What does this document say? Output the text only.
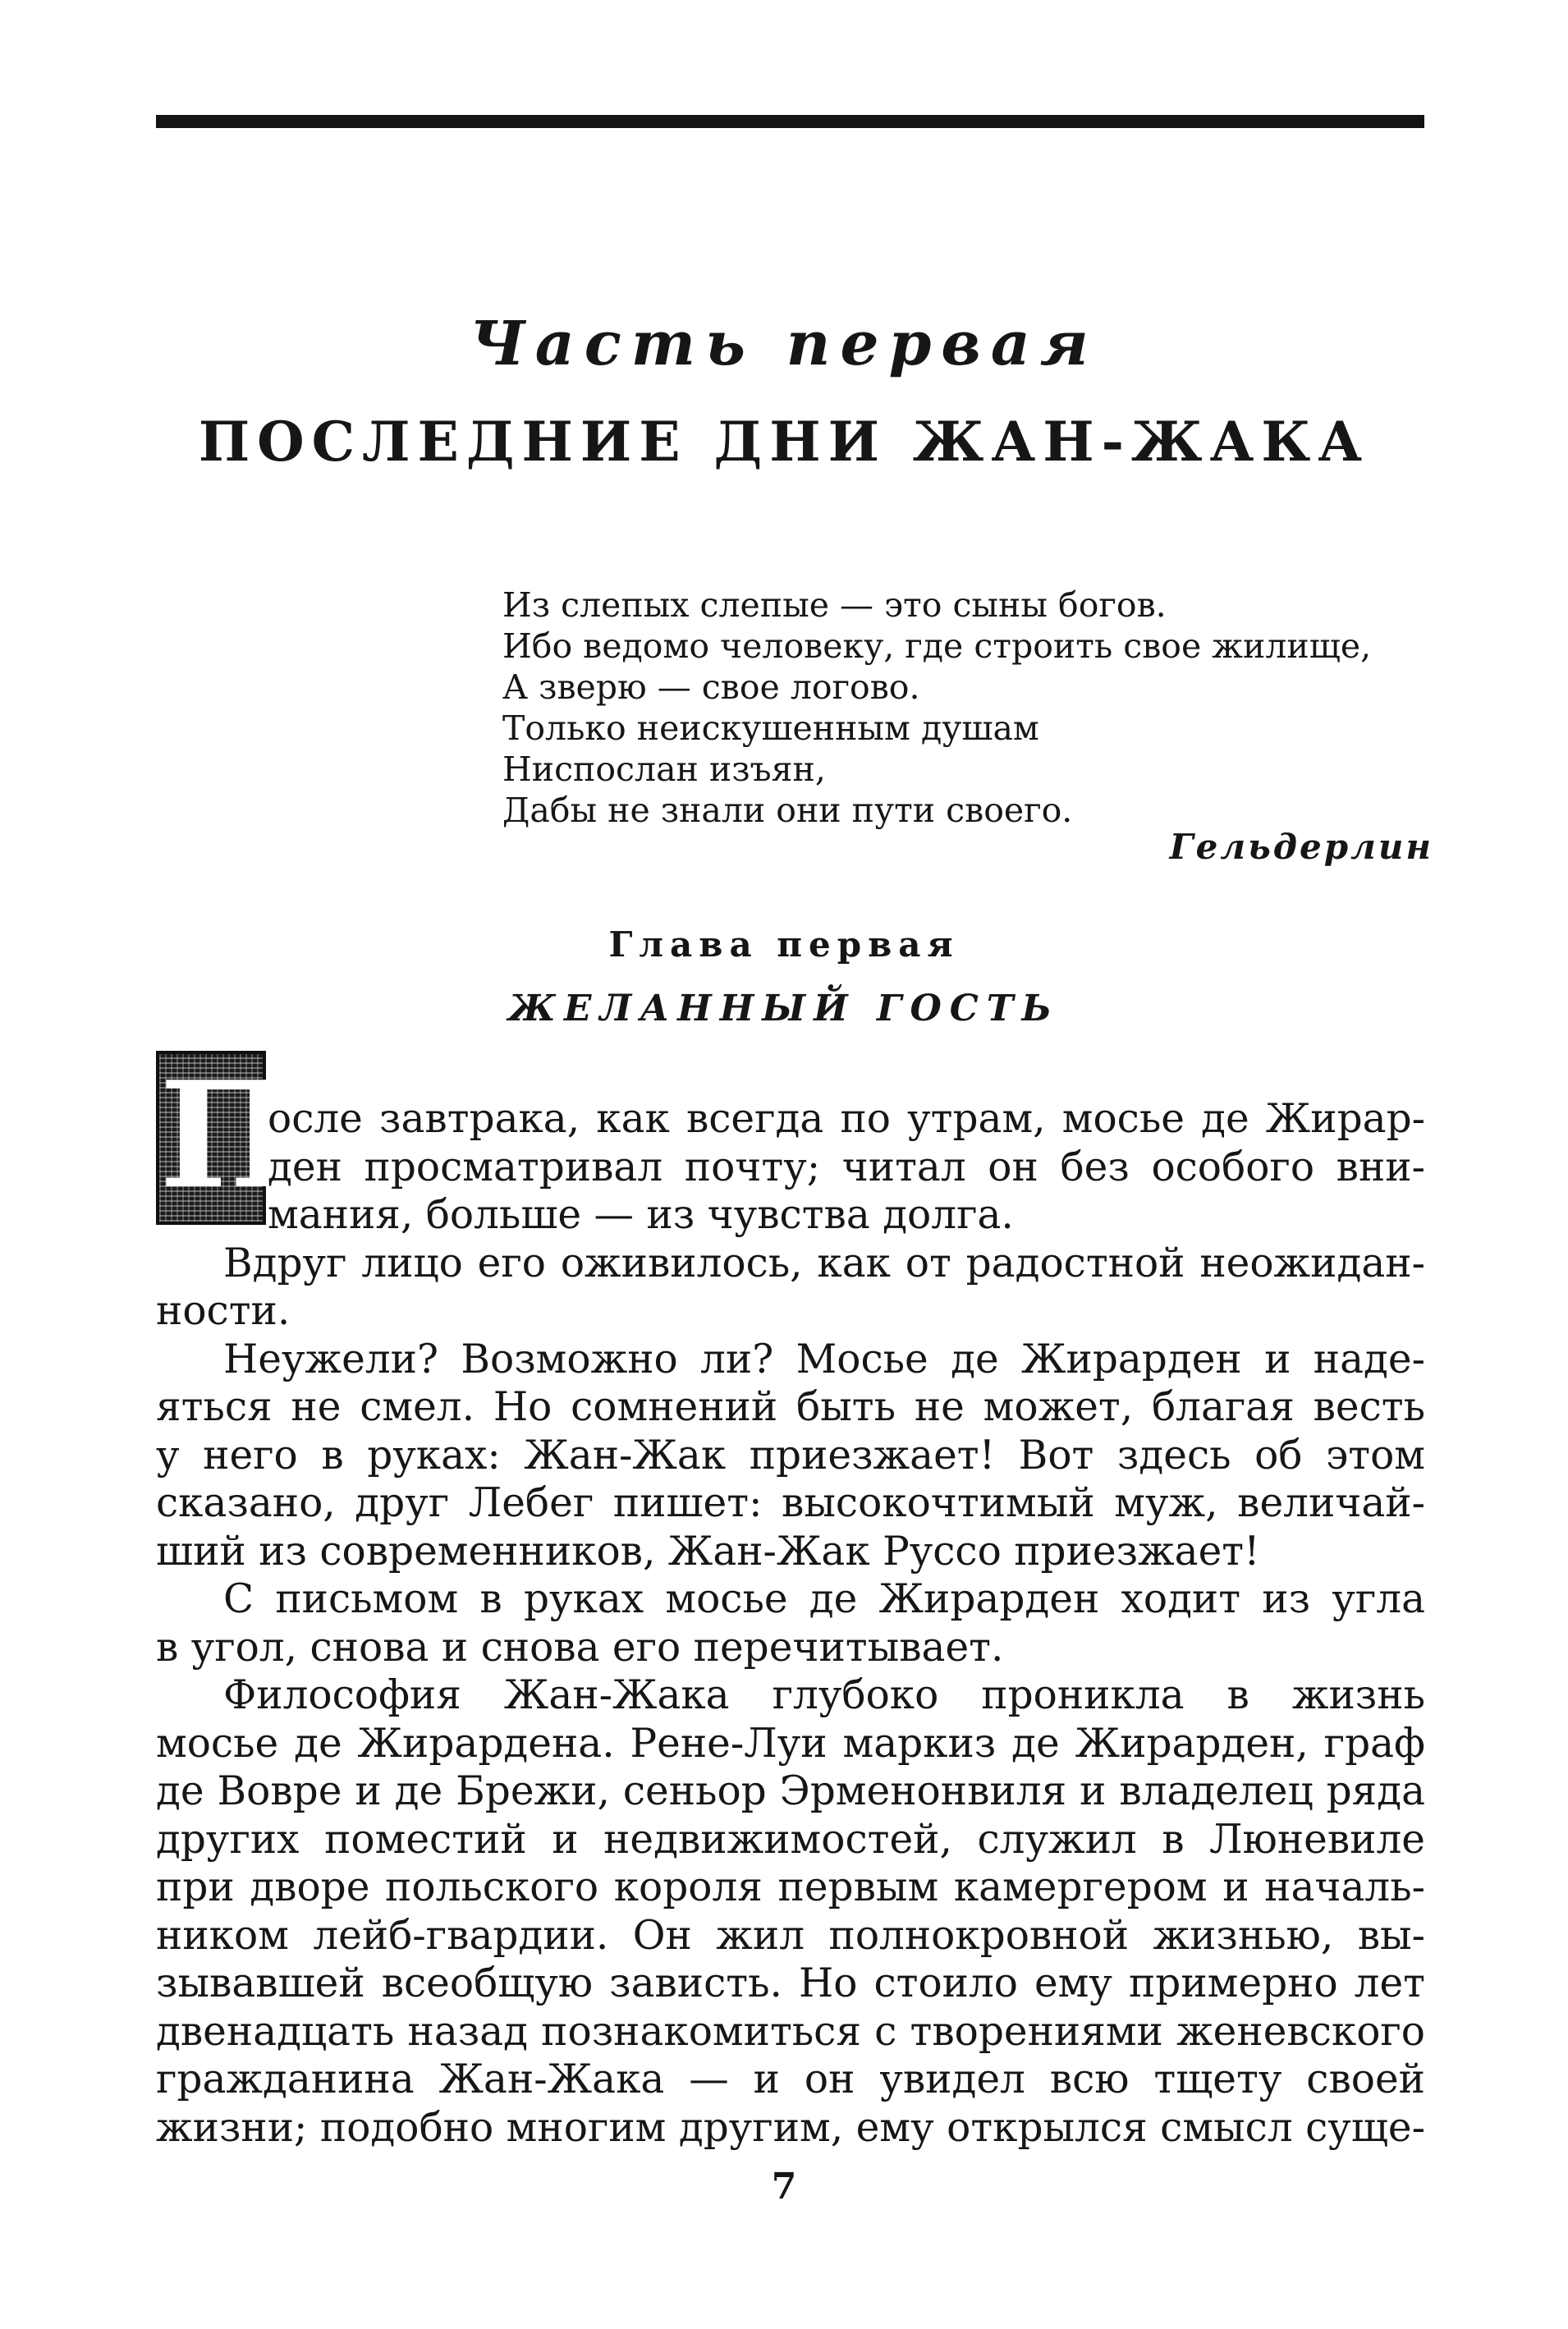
Часть первая
ПОСЛЕДНИЕ ДНИ ЖАН-ЖАКА
Из слепых слепые — это сыны богов.
Ибо ведомо человеку, где строить свое жилище,
А зверю — свое логово.
Только неискушенным душам
Ниспослан изъян,
Дабы не знали они пути своего.
Гельдерлин
Глава первая
ЖЕЛАННЫЙ ГОСТЬ
П
осле завтрака, как всегда по утрам, мосье де Жирар-
ден просматривал почту; читал он без особого вни-
мания, больше — из чувства долга.
Вдруг лицо его оживилось, как от радостной неожидан-
ности.
Неужели? Возможно ли? Мосье де Жирарден и наде-
яться не смел. Но сомнений быть не может, благая весть
у него в руках: Жан-Жак приезжает! Вот здесь об этом
сказано, друг Лебег пишет: высокочтимый муж, величай-
ший из современников, Жан-Жак Руссо приезжает!
С письмом в руках мосье де Жирарден ходит из угла
в угол, снова и снова его перечитывает.
Философия Жан-Жака глубоко проникла в жизнь
мосье де Жирардена. Рене-Луи маркиз де Жирарден, граф
де Вовре и де Брежи, сеньор Эрменонвиля и владелец ряда
других поместий и недвижимостей, служил в Люневиле
при дворе польского короля первым камергером и началь-
ником лейб-гвардии. Он жил полнокровной жизнью, вы-
зывавшей всеобщую зависть. Но стоило ему примерно лет
двенадцать назад познакомиться с творениями женевского
гражданина Жан-Жака — и он увидел всю тщету своей
жизни; подобно многим другим, ему открылся смысл суще-
7
